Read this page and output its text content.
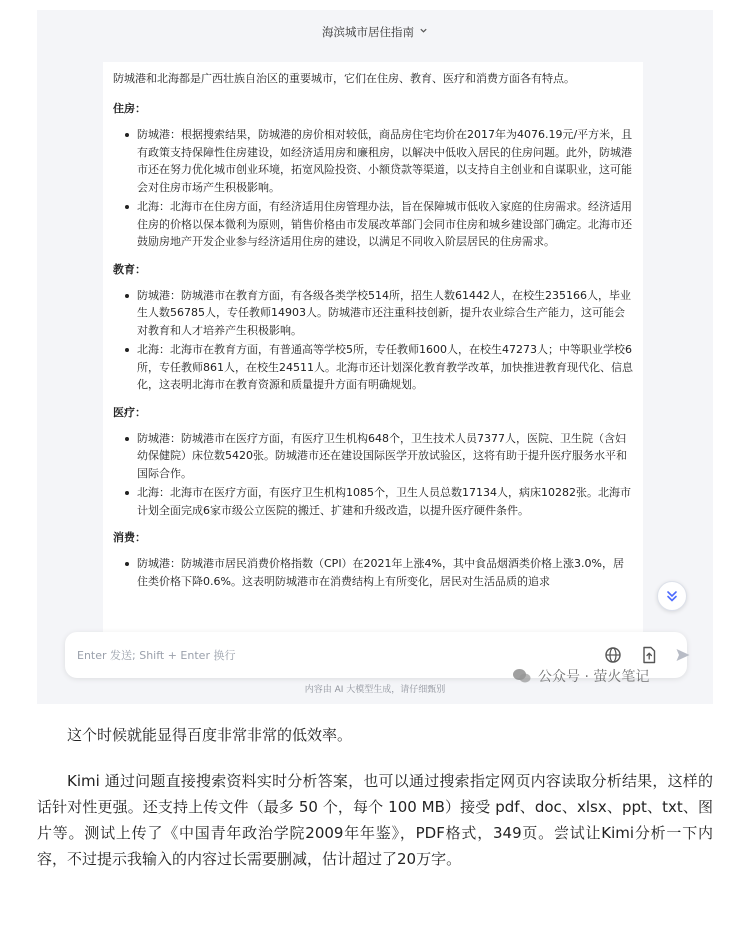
海滨城市居住指南

防城港和北海都是广西壮族自治区的重要城市，它们在住房、教育、医疗和消费方面各有特点。

住房：
防城港：根据搜索结果，防城港的房价相对较低，商品房住宅均价在2017年为4076.19元/平方米，且有政策支持保障性住房建设，如经济适用房和廉租房，以解决中低收入居民的住房问题。此外，防城港市还在努力优化城市创业环境，拓宽风险投资、小额贷款等渠道，以支持自主创业和自谋职业，这可能会对住房市场产生积极影响。
北海：北海市在住房方面，有经济适用住房管理办法，旨在保障城市低收入家庭的住房需求。经济适用住房的价格以保本微利为原则，销售价格由市发展改革部门会同市住房和城乡建设部门确定。北海市还鼓励房地产开发企业参与经济适用住房的建设，以满足不同收入阶层居民的住房需求。
教育：
防城港：防城港市在教育方面，有各级各类学校514所，招生人数61442人，在校生235166人，毕业生人数56785人，专任教师14903人。防城港市还注重科技创新，提升农业综合生产能力，这可能会对教育和人才培养产生积极影响。
北海：北海市在教育方面，有普通高等学校5所，专任教师1600人，在校生47273人；中等职业学校6所，专任教师861人，在校生24511人。北海市还计划深化教育教学改革，加快推进教育现代化、信息化，这表明北海市在教育资源和质量提升方面有明确规划。
医疗：
防城港：防城港市在医疗方面，有医疗卫生机构648个，卫生技术人员7377人，医院、卫生院（含妇幼保健院）床位数5420张。防城港市还在建设国际医学开放试验区，这将有助于提升医疗服务水平和国际合作。
北海：北海市在医疗方面，有医疗卫生机构1085个，卫生人员总数17134人，病床10282张。北海市计划全面完成6家市级公立医院的搬迁、扩建和升级改造，以提升医疗硬件条件。
消费：
防城港：防城港市居民消费价格指数（CPI）在2021年上涨4%，其中食品烟酒类价格上涨3.0%，居住类价格下降0.6%。这表明防城港市在消费结构上有所变化，居民对生活品质的追求
Enter 发送; Shift + Enter 换行
公众号 · 萤火笔记
内容由 AI 大模型生成，请仔细甄别

这个时候就能显得百度非常非常的低效率。

Kimi 通过问题直接搜索资料实时分析答案，也可以通过搜索指定网页内容读取分析结果，这样的话针对性更强。还支持上传文件（最多 50 个，每个 100 MB）接受 pdf、doc、xlsx、ppt、txt、图片等。测试上传了《中国青年政治学院2009年年鉴》，PDF格式，349页。尝试让Kimi分析一下内容，不过提示我输入的内容过长需要删减，估计超过了20万字。
